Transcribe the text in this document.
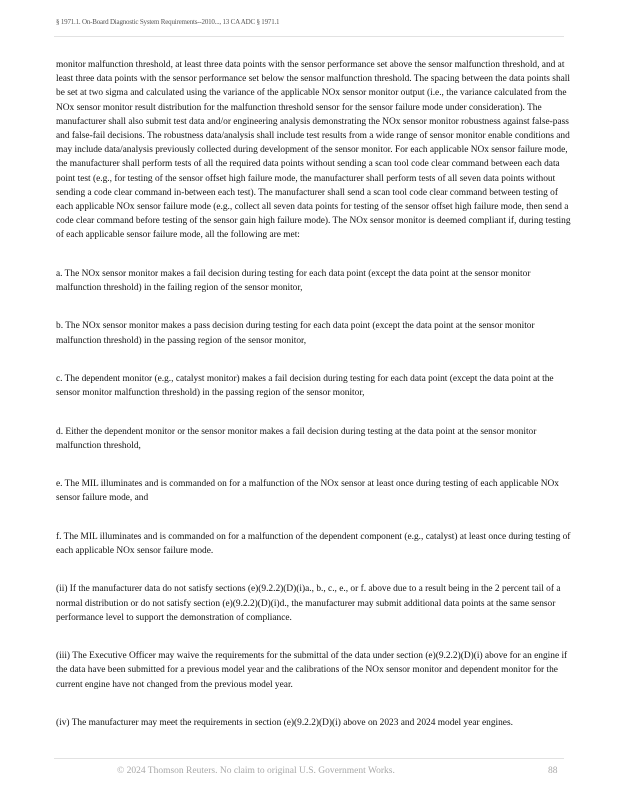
§ 1971.1. On-Board Diagnostic System Requirements--2010..., 13 CA ADC § 1971.1

monitor malfunction threshold, at least three data points with the sensor performance set above the sensor malfunction threshold, and at least three data points with the sensor performance set below the sensor malfunction threshold. The spacing between the data points shall be set at two sigma and calculated using the variance of the applicable NOx sensor monitor output (i.e., the variance calculated from the NOx sensor monitor result distribution for the malfunction threshold sensor for the sensor failure mode under consideration). The manufacturer shall also submit test data and/or engineering analysis demonstrating the NOx sensor monitor robustness against false-pass and false-fail decisions. The robustness data/analysis shall include test results from a wide range of sensor monitor enable conditions and may include data/analysis previously collected during development of the sensor monitor. For each applicable NOx sensor failure mode, the manufacturer shall perform tests of all the required data points without sending a scan tool code clear command between each data point test (e.g., for testing of the sensor offset high failure mode, the manufacturer shall perform tests of all seven data points without sending a code clear command in-between each test). The manufacturer shall send a scan tool code clear command between testing of each applicable NOx sensor failure mode (e.g., collect all seven data points for testing of the sensor offset high failure mode, then send a code clear command before testing of the sensor gain high failure mode). The NOx sensor monitor is deemed compliant if, during testing of each applicable sensor failure mode, all the following are met:

a. The NOx sensor monitor makes a fail decision during testing for each data point (except the data point at the sensor monitor malfunction threshold) in the failing region of the sensor monitor,

b. The NOx sensor monitor makes a pass decision during testing for each data point (except the data point at the sensor monitor malfunction threshold) in the passing region of the sensor monitor,

c. The dependent monitor (e.g., catalyst monitor) makes a fail decision during testing for each data point (except the data point at the sensor monitor malfunction threshold) in the passing region of the sensor monitor,

d. Either the dependent monitor or the sensor monitor makes a fail decision during testing at the data point at the sensor monitor malfunction threshold,

e. The MIL illuminates and is commanded on for a malfunction of the NOx sensor at least once during testing of each applicable NOx sensor failure mode, and

f. The MIL illuminates and is commanded on for a malfunction of the dependent component (e.g., catalyst) at least once during testing of each applicable NOx sensor failure mode.

(ii) If the manufacturer data do not satisfy sections (e)(9.2.2)(D)(i)a., b., c., e., or f. above due to a result being in the 2 percent tail of a normal distribution or do not satisfy section (e)(9.2.2)(D)(i)d., the manufacturer may submit additional data points at the same sensor performance level to support the demonstration of compliance.

(iii) The Executive Officer may waive the requirements for the submittal of the data under section (e)(9.2.2)(D)(i) above for an engine if the data have been submitted for a previous model year and the calibrations of the NOx sensor monitor and dependent monitor for the current engine have not changed from the previous model year.

(iv) The manufacturer may meet the requirements in section (e)(9.2.2)(D)(i) above on 2023 and 2024 model year engines.

© 2024 Thomson Reuters. No claim to original U.S. Government Works.	88
